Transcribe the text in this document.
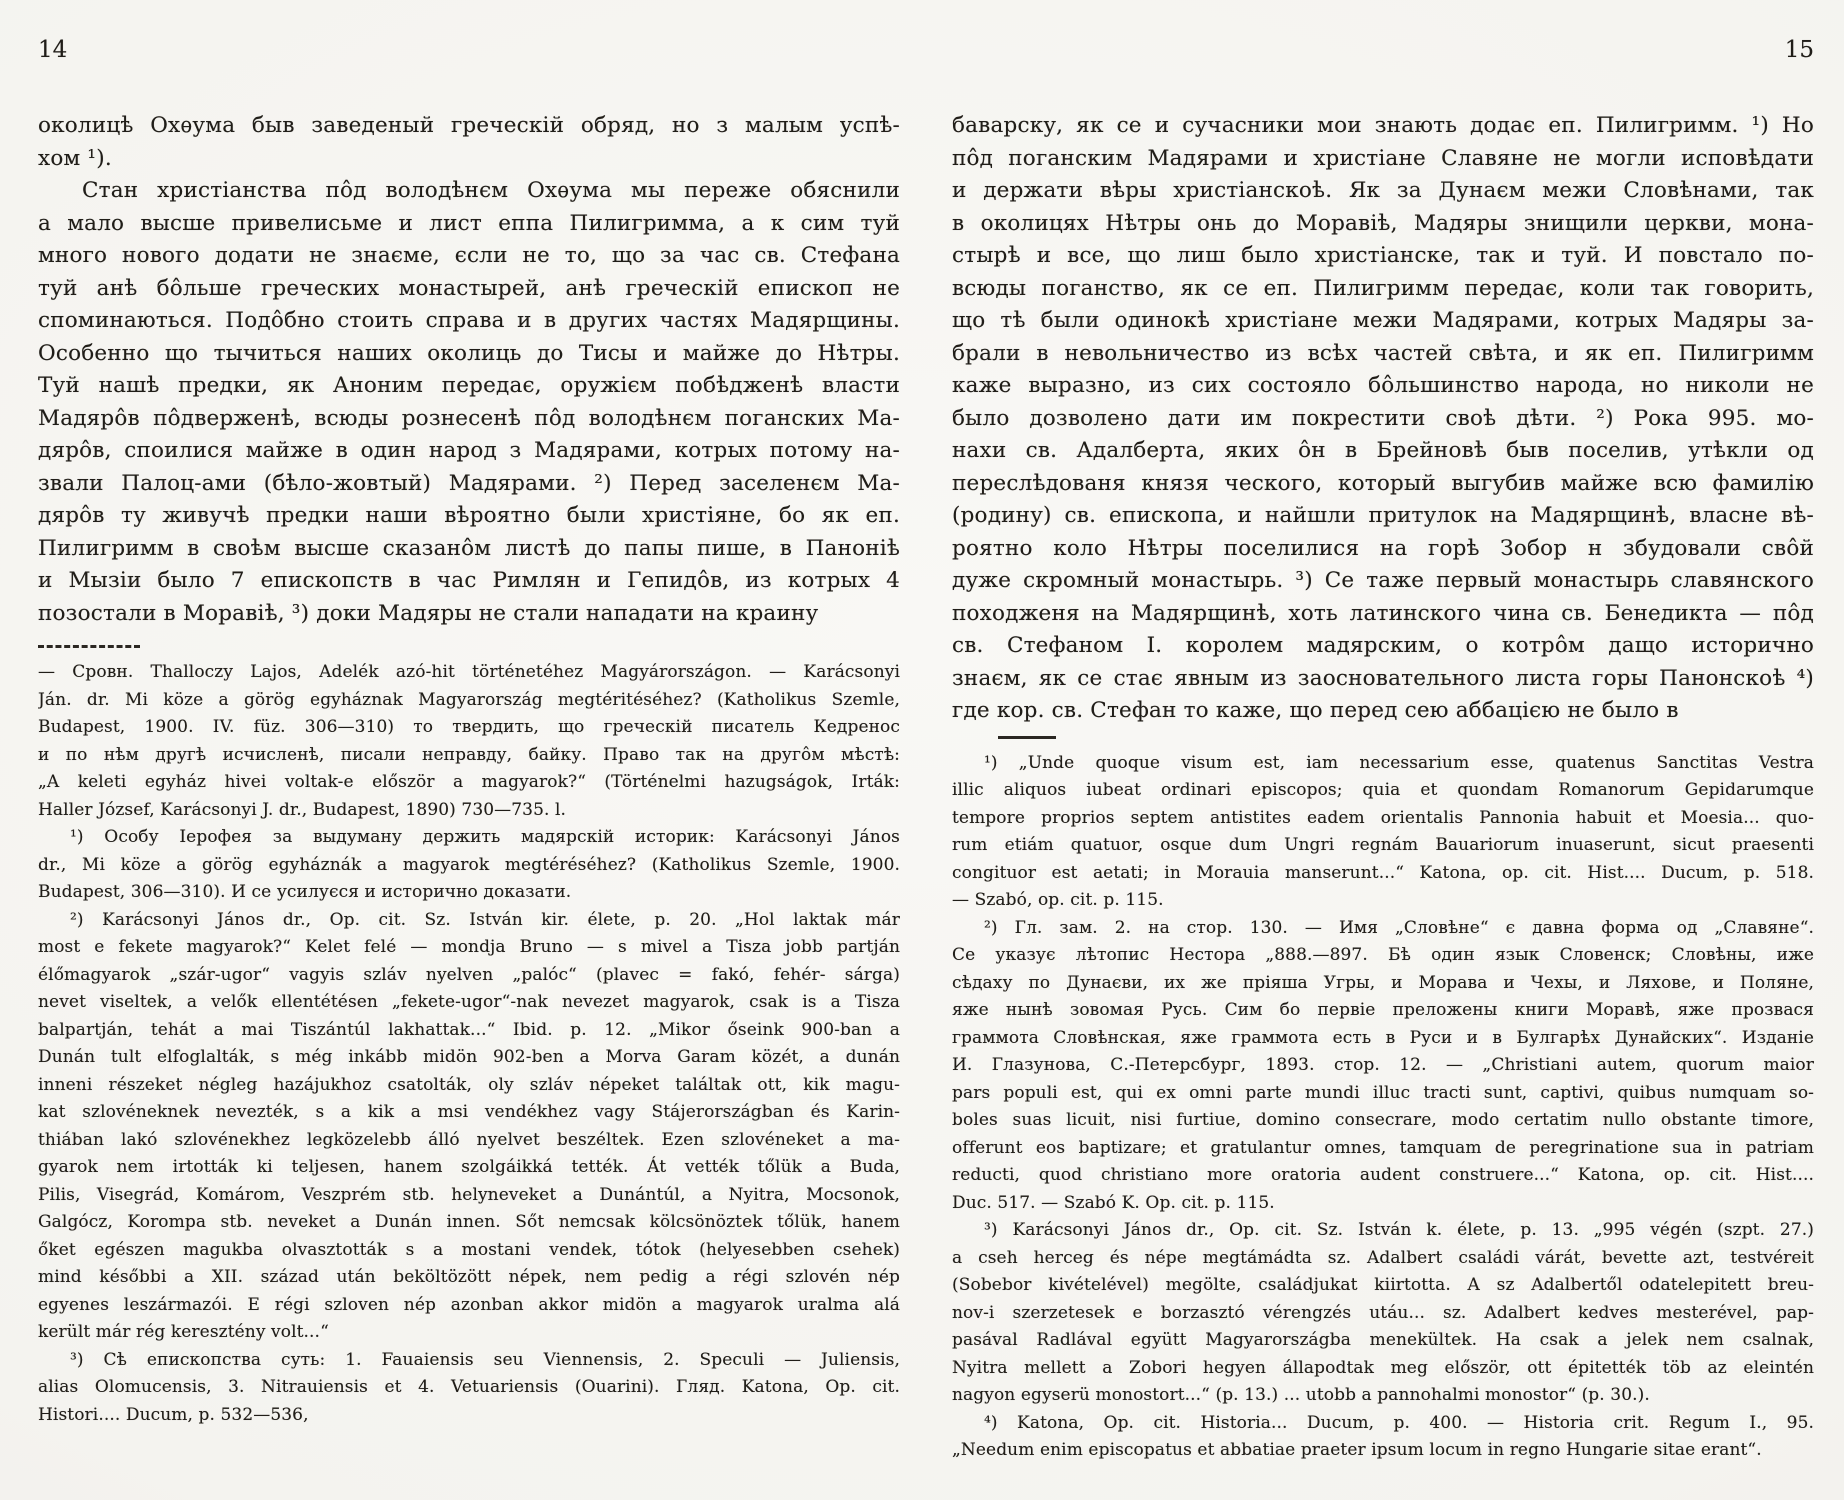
14
околицѣ Охѳума быв заведеный греческій обряд, но з малым успѣ-
хом ¹).
Стан христіанства пôд володѣнєм Охѳума мы переже обяснили
а мало высше привелисьме и лист еппа Пилигримма, а к сим туй
много нового додати не знаєме, єсли не то, що за час св. Стефана
туй анѣ бôльше греческих монастырей, анѣ греческій епископ не
споминаються. Подôбно стоить справа и в других частях Мадярщины.
Особенно що тычиться наших околиць до Тисы и майже до Нѣтры.
Туй нашѣ предки, як Аноним передає, оружієм побѣдженѣ власти
Мадярôв пôдверженѣ, всюды рознесенѣ пôд володѣнєм поганских Ма-
дярôв, споилися майже в один народ з Мадярами, котрых потому на-
звали Палоц-ами (бѣло-жовтый) Мадярами. ²) Перед заселенєм Ма-
дярôв ту живучѣ предки наши вѣроятно были христіяне, бо як еп.
Пилигримм в своѣм высше сказанôм листѣ до папы пише, в Паноніѣ
и Мызіи было 7 епископств в час Римлян и Гепидôв, из котрых 4
позостали в Моравіѣ, ³) доки Мадяры не стали нападати на краину
— Сровн. Thalloczy Lajos, Adelék azó-hit történetéhez Magyárországon. — Karácsonyi
Ján. dr. Mi köze a görög egyháznak Magyarország megtéritéséhez? (Katholikus Szemle,
Budapest, 1900. IV. füz. 306—310) то твердить, що греческій писатель Кедренос
и по нѣм другѣ исчисленѣ, писали неправду, байку. Право так на другôм мѣстѣ:
„A keleti egyház hivei voltak-e először a magyarok?“ (Történelmi hazugságok, Irták:
Haller József, Karácsonyi J. dr., Budapest, 1890) 730—735. l.
¹) Особу Іерофея за выдуману держить мадярскій историк: Karácsonyi János
dr., Mi köze a görög egyháznák a magyarok megtéréséhez? (Katholikus Szemle, 1900.
Budapest, 306—310). И се усилуєся и исторично доказати.
²) Karácsonyi János dr., Op. cit. Sz. István kir. élete, p. 20. „Hol laktak már
most e fekete magyarok?“ Kelet felé — mondja Bruno — s mivel a Tisza jobb partján
élőmagyarok „szár-ugor“ vagyis szláv nyelven „palóc“ (plavec = fakó, fehér- sárga)
nevet viseltek, a velők ellentétésen „fekete-ugor“-nak nevezet magyarok, csak is a Tisza
balpartján, tehát a mai Tiszántúl lakhattak...“ Ibid. p. 12. „Mikor őseink 900-ban a
Dunán tult elfoglalták, s még inkább midön 902-ben a Morva Garam közét, a dunán
inneni részeket négleg hazájukhoz csatolták, oly szláv népeket találtak ott, kik magu-
kat szlovéneknek nevezték, s a kik a msi vendékhez vagy Stájerországban és Karin-
thiában lakó szlovénekhez legközelebb álló nyelvet beszéltek. Ezen szlovéneket a ma-
gyarok nem irtották ki teljesen, hanem szolgáikká tették. Át vették tőlük a Buda,
Pilis, Visegrád, Komárom, Veszprém stb. helyneveket a Dunántúl, a Nyitra, Mocsonok,
Galgócz, Korompa stb. neveket a Dunán innen. Sőt nemcsak kölcsönöztek tőlük, hanem
őket egészen magukba olvasztották s a mostani vendek, tótok (helyesebben csehek)
mind későbbi a XII. század után beköltözött népek, nem pedig a régi szlovén nép
egyenes leszármazói. E régi szloven nép azonban akkor midön a magyarok uralma alá
került már rég keresztény volt...“
³) Сѣ епископства суть: 1. Fauaiensis seu Viennensis, 2. Speculi — Juliensis,
alias Olomucensis, 3. Nitrauiensis et 4. Vetuariensis (Ouarini). Гляд. Katona, Op. cit.
Histori.... Ducum, p. 532—536,
15
баварску, як се и сучасники мои знають додає еп. Пилигримм. ¹) Но
пôд поганским Мадярами и христіане Славяне не могли исповѣдати
и держати вѣры христіанскоѣ. Як за Дунаєм межи Словѣнами, так
в околицях Нѣтры онь до Моравіѣ, Мадяры знищили церкви, мона-
стырѣ и все, що лиш было христіанске, так и туй. И повстало по-
всюды поганство, як се еп. Пилигримм передає, коли так говорить,
що тѣ были одинокѣ христіане межи Мадярами, котрых Мадяры за-
брали в невольничество из всѣх частей свѣта, и як еп. Пилигримм
каже выразно, из сих состояло бôльшинство народа, но николи не
было дозволено дати им покрестити своѣ дѣти. ²) Рока 995. мо-
нахи св. Адалберта, яких ôн в Брейновѣ быв поселив, утѣкли од
переслѣдованя князя ческого, который выгубив майже всю фамилію
(родину) св. епископа, и найшли притулок на Мадярщинѣ, власне вѣ-
роятно коло Нѣтры поселилися на горѣ Зобор н збудовали свôй
дуже скромный монастырь. ³) Се таже первый монастырь славянского
походженя на Мадярщинѣ, хоть латинского чина св. Бенедикта — пôд
св. Стефаном І. королем мадярским, о котрôм дащо исторично
знаєм, як се стає явным из заосновательного листа горы Панонскоѣ ⁴)
где кор. св. Стефан то каже, що перед сею аббацією не было в
¹) „Unde quoque visum est, iam necessarium esse, quatenus Sanctitas Vestra
illic aliquos iubeat ordinari episcopos; quia et quondam Romanorum Gepidarumque
tempore proprios septem antistites eadem orientalis Pannonia habuit et Moesia... quo-
rum etiám quatuor, osque dum Ungri regnám Bauariorum inuaserunt, sicut praesenti
congituor est aetati; in Morauia manserunt...“ Katona, op. cit. Hist.... Ducum, p. 518.
— Szabó, op. cit. p. 115.
²) Гл. зам. 2. на стор. 130. — Имя „Словѣне“ є давна форма од „Славяне“.
Се указує лѣтопис Нестора „888.—897. Бѣ один язык Словенск; Словѣны, иже
сѣдаху по Дунаєви, их же пріяша Угры, и Морава и Чехы, и Ляхове, и Поляне,
яже нынѣ зовомая Русь. Сим бо первіе преложены книги Моравѣ, яже прозвася
граммота Словѣнская, яже граммота есть в Руси и в Булгарѣх Дунайских“. Изданіе
И. Глазунова, С.-Петерсбург, 1893. стор. 12. — „Christiani autem, quorum maior
pars populi est, qui ex omni parte mundi illuc tracti sunt, captivi, quibus numquam so-
boles suas licuit, nisi furtiue, domino consecrare, modo certatim nullo obstante timore,
offerunt eos baptizare; et gratulantur omnes, tamquam de peregrinatione sua in patriam
reducti, quod christiano more oratoria audent construere...“ Katona, op. cit. Hist....
Duc. 517. — Szabó K. Op. cit. p. 115.
³) Karácsonyi János dr., Op. cit. Sz. István k. élete, p. 13. „995 végén (szpt. 27.)
a cseh herceg és népe megtámádta sz. Adalbert családi várát, bevette azt, testvéreit
(Sobebor kivételével) megölte, családjukat kiirtotta. A sz Adalbertől odatelepitett breu-
nov-i szerzetesek e borzasztó vérengzés utáu... sz. Adalbert kedves mesterével, pap-
pasával Radlával együtt Magyarországba menekültek. Ha csak a jelek nem csalnak,
Nyitra mellett a Zobori hegyen állapodtak meg először, ott épitették töb az eleintén
nagyon egyserü monostort...“ (p. 13.) ... utobb a pannohalmi monostor“ (p. 30.).
⁴) Katona, Op. cit. Historia... Ducum, p. 400. — Historia crit. Regum I., 95.
„Needum enim episcopatus et abbatiae praeter ipsum locum in regno Hungarie sitae erant“.
